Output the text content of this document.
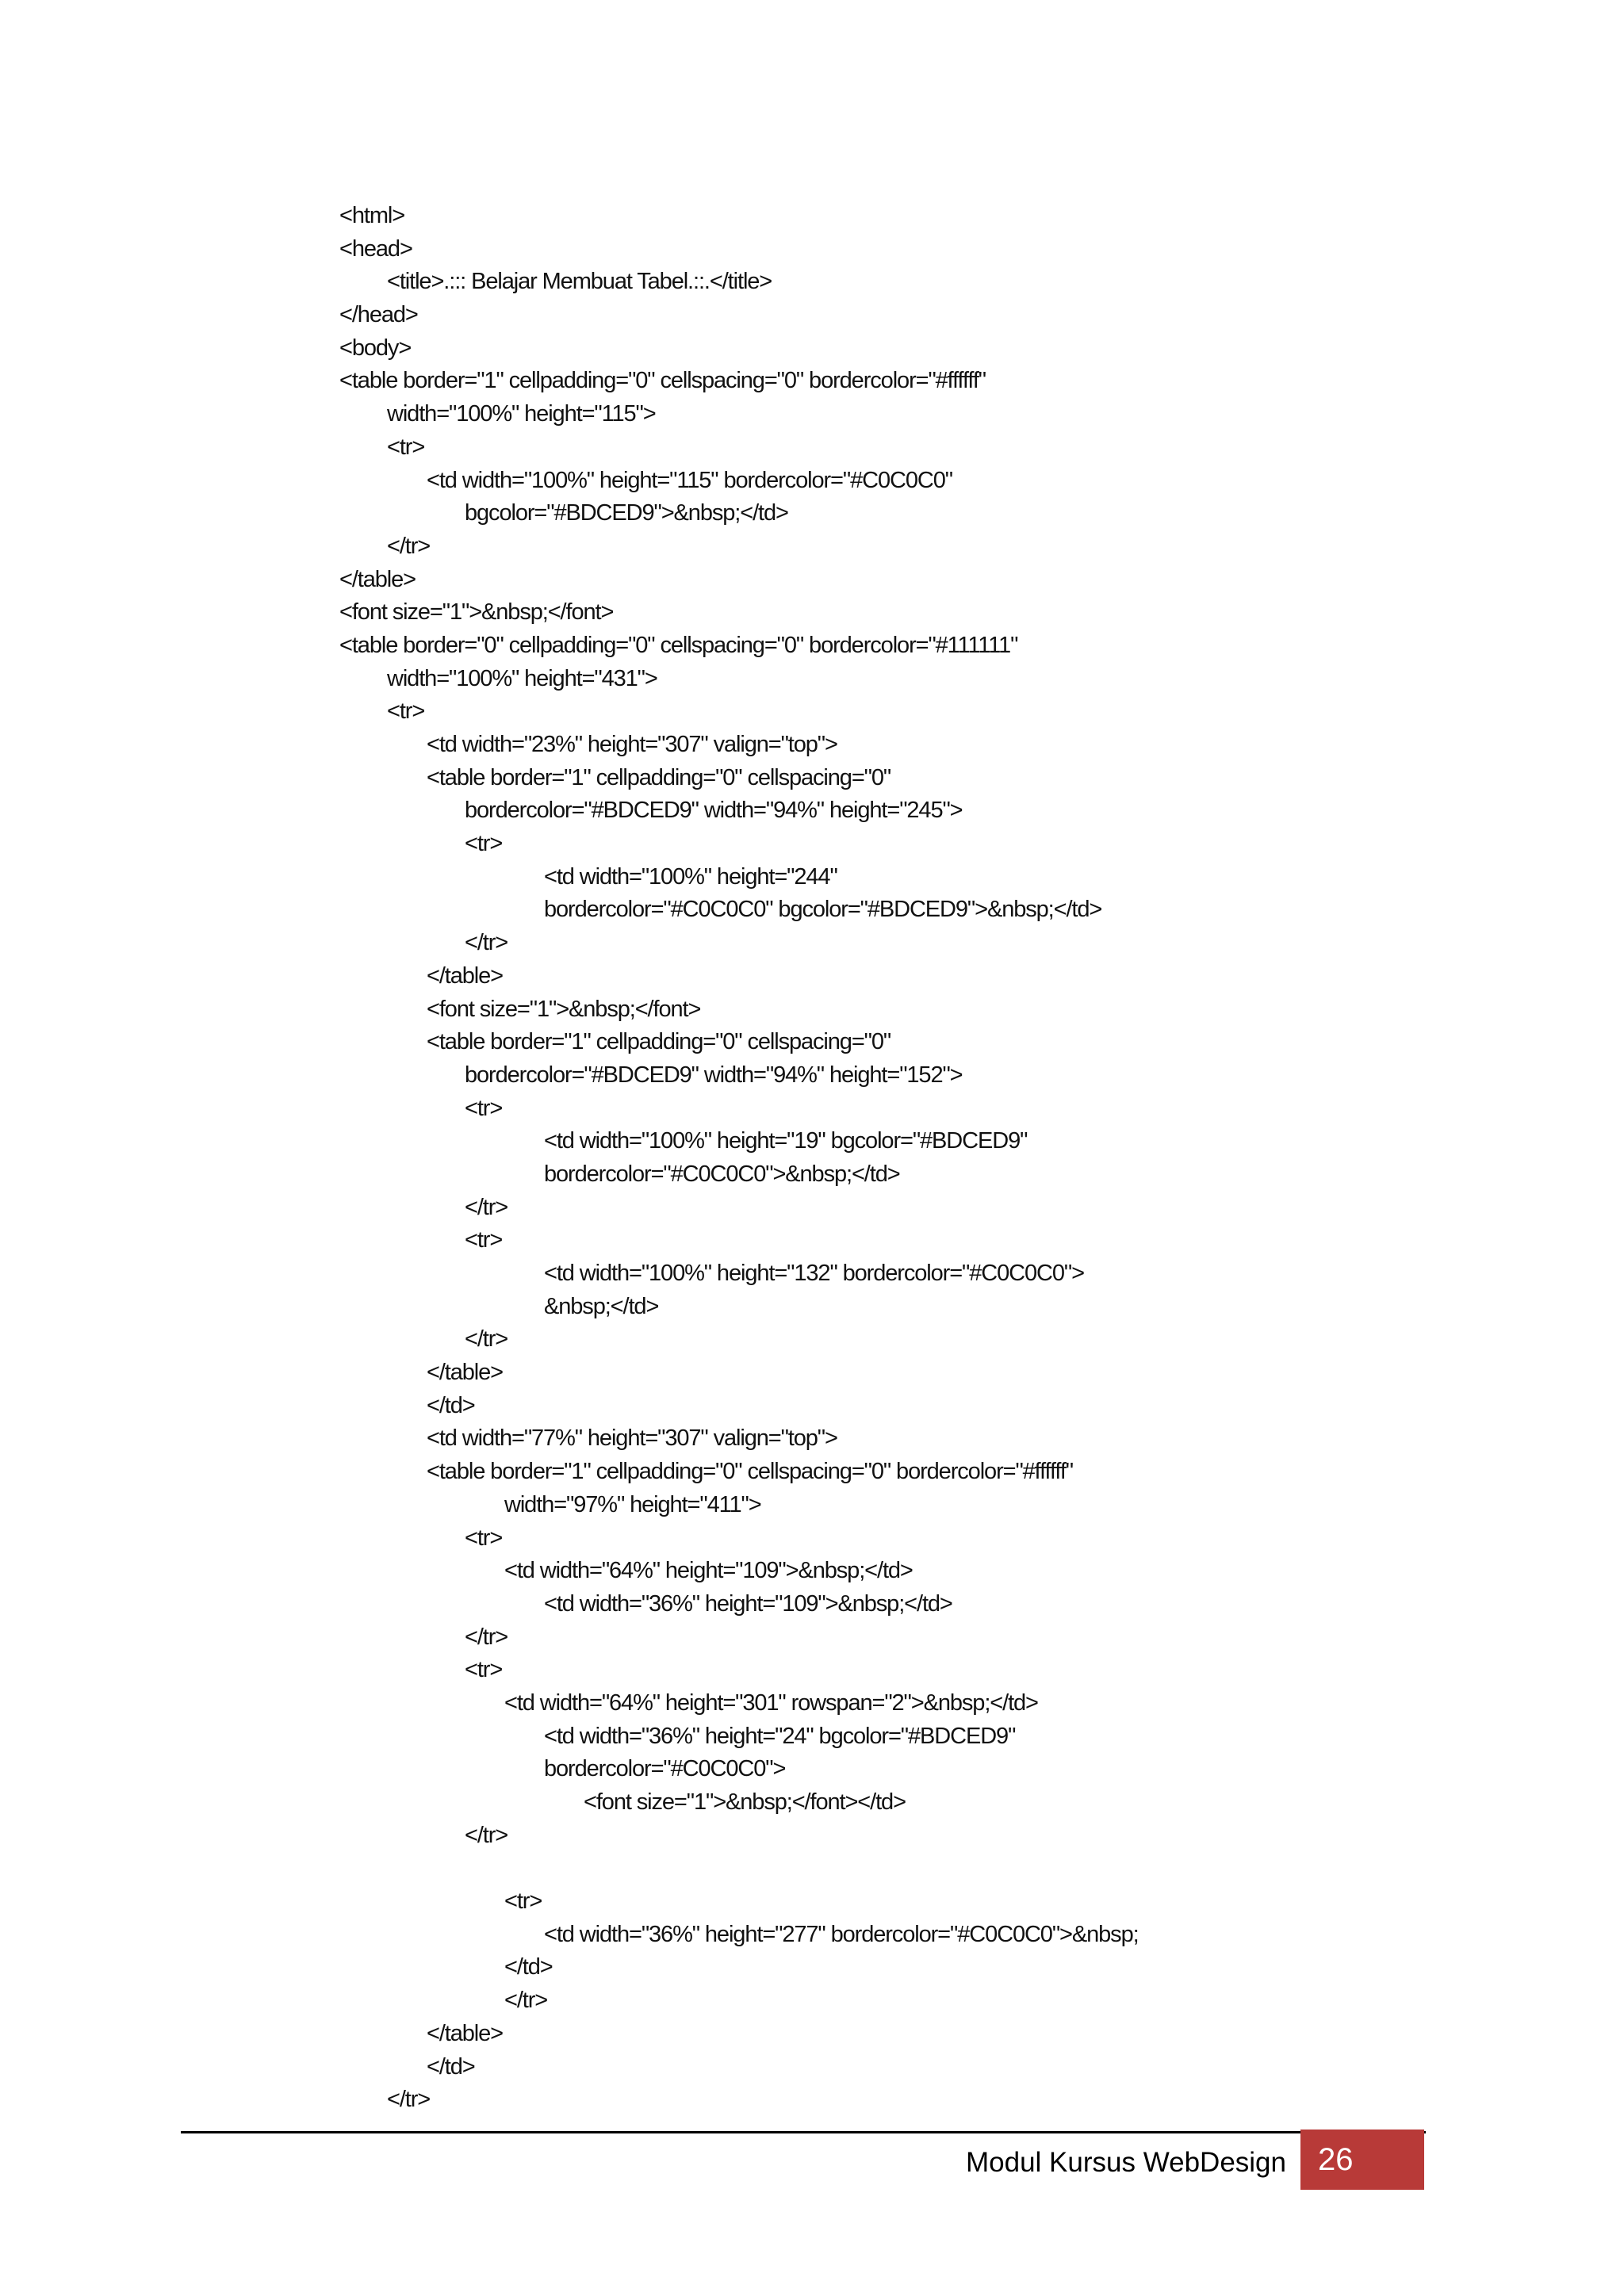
<html>
<head>
<title>.::: Belajar Membuat Tabel.::.</title>
</head>
<body>
<table border="1" cellpadding="0" cellspacing="0" bordercolor="#ffffff"
width="100%" height="115">
<tr>
<td width="100%" height="115" bordercolor="#C0C0C0"
bgcolor="#BDCED9">&nbsp;</td>
</tr>
</table>
<font size="1">&nbsp;</font>
<table border="0" cellpadding="0" cellspacing="0" bordercolor="#111111"
width="100%" height="431">
<tr>
<td width="23%" height="307" valign="top">
<table border="1" cellpadding="0" cellspacing="0"
bordercolor="#BDCED9" width="94%" height="245">
<tr>
<td width="100%" height="244"
bordercolor="#C0C0C0" bgcolor="#BDCED9">&nbsp;</td>
</tr>
</table>
<font size="1">&nbsp;</font>
<table border="1" cellpadding="0" cellspacing="0"
bordercolor="#BDCED9" width="94%" height="152">
<tr>
<td width="100%" height="19" bgcolor="#BDCED9"
bordercolor="#C0C0C0">&nbsp;</td>
</tr>
<tr>
<td width="100%" height="132" bordercolor="#C0C0C0">
&nbsp;</td>
</tr>
</table>
</td>
<td width="77%" height="307" valign="top">
<table border="1" cellpadding="0" cellspacing="0" bordercolor="#ffffff"
width="97%" height="411">
<tr>
<td width="64%" height="109">&nbsp;</td>
<td width="36%" height="109">&nbsp;</td>
</tr>
<tr>
<td width="64%" height="301" rowspan="2">&nbsp;</td>
<td width="36%" height="24" bgcolor="#BDCED9"
bordercolor="#C0C0C0">
<font size="1">&nbsp;</font></td>
</tr>
<tr>
<td width="36%" height="277" bordercolor="#C0C0C0">&nbsp;
</td>
</tr>
</table>
</td>
</tr>
Modul Kursus WebDesign 26
